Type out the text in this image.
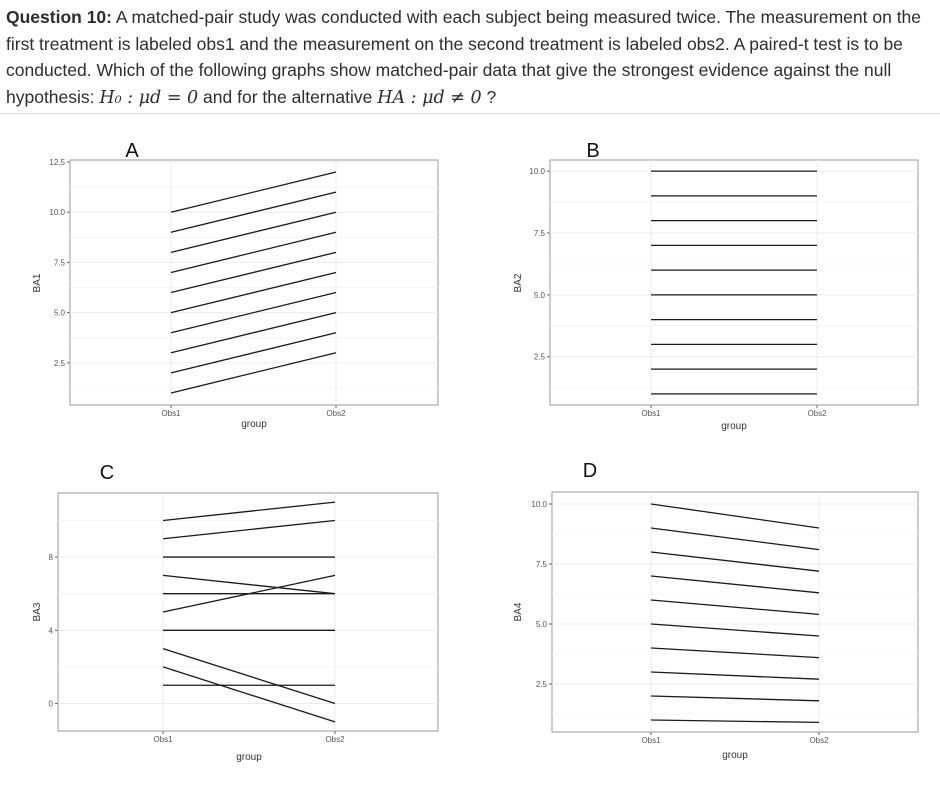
Question 10: A matched-pair study was conducted with each subject being measured twice. The measurement on the first treatment is labeled obs1 and the measurement on the second treatment is labeled obs2. A paired-t test is to be conducted. Which of the following graphs show matched-pair data that give the strongest evidence against the null hypothesis: H₀ : μd = 0 and for the alternative HA : μd ≠ 0 ?
2.5
5.0
7.5
10.0
12.5
Obs1	Obs2
BA1
group
A
2.5
5.0
7.5
10.0
Obs1	Obs2
BA2
group
B
0
4
8
Obs1	Obs2
BA3
group
C
2.5
5.0
7.5
10.0
Obs1	Obs2
BA4
group
D
